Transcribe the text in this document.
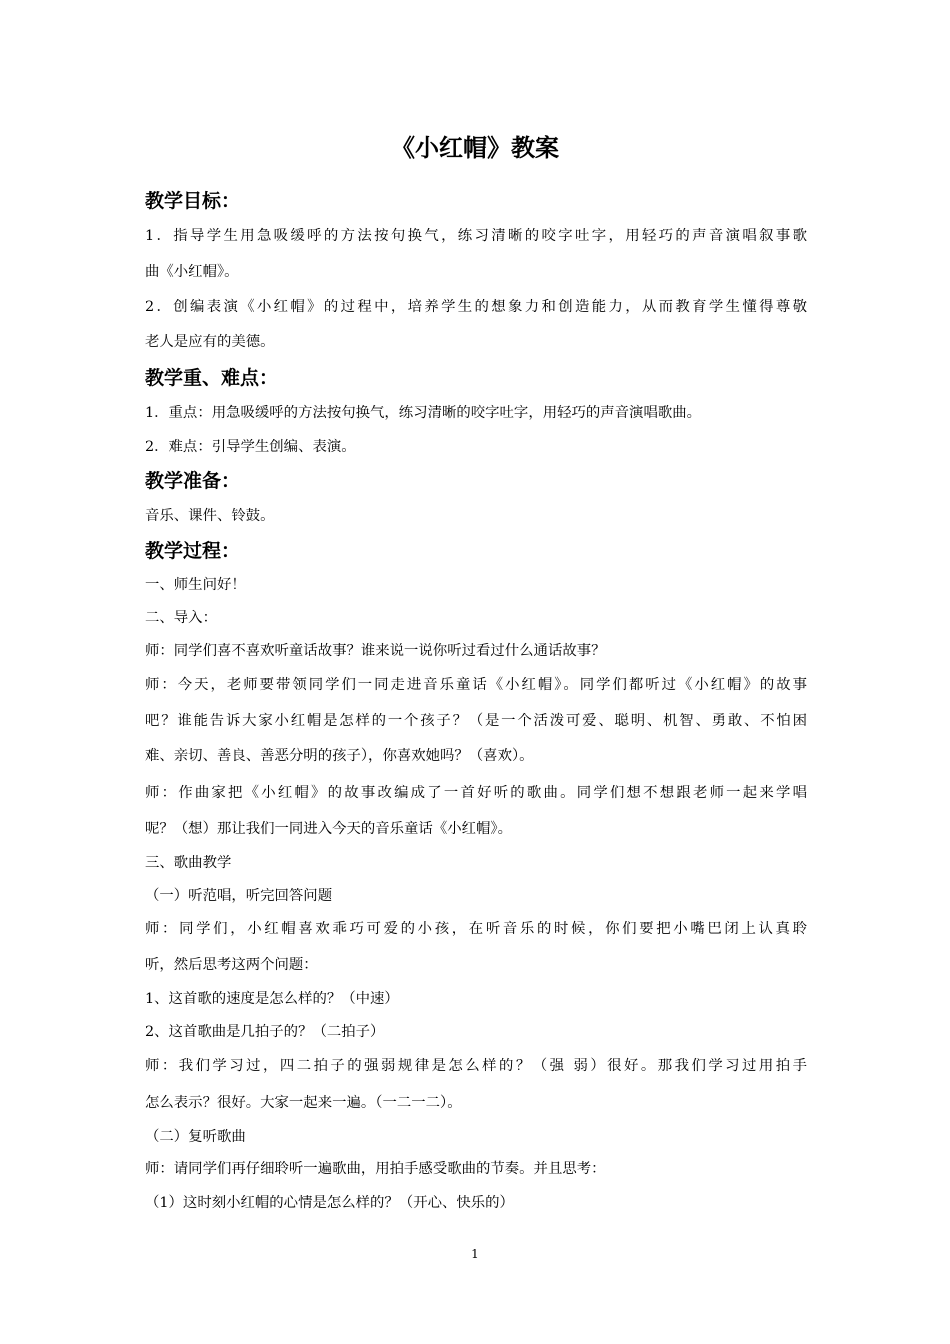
《小红帽》教案
教学目标：
1．指导学生用急吸缓呼的方法按句换气，练习清晰的咬字吐字，用轻巧的声音演唱叙事歌
曲《小红帽》。
2．创编表演《小红帽》的过程中，培养学生的想象力和创造能力，从而教育学生懂得尊敬
老人是应有的美德。
教学重、难点：
1．重点：用急吸缓呼的方法按句换气，练习清晰的咬字吐字，用轻巧的声音演唱歌曲。
2．难点：引导学生创编、表演。
教学准备：
音乐、课件、铃鼓。
教学过程：
一、师生问好！
二、导入：
师：同学们喜不喜欢听童话故事？谁来说一说你听过看过什么通话故事？
师：今天，老师要带领同学们一同走进音乐童话《小红帽》。同学们都听过《小红帽》的故事
吧？谁能告诉大家小红帽是怎样的一个孩子？（是一个活泼可爱、聪明、机智、勇敢、不怕困
难、亲切、善良、善恶分明的孩子），你喜欢她吗？（喜欢）。
师：作曲家把《小红帽》的故事改编成了一首好听的歌曲。同学们想不想跟老师一起来学唱
呢？（想）那让我们一同进入今天的音乐童话《小红帽》。
三、歌曲教学
（一）听范唱，听完回答问题
师：同学们，小红帽喜欢乖巧可爱的小孩，在听音乐的时候，你们要把小嘴巴闭上认真聆
听，然后思考这两个问题：
1、这首歌的速度是怎么样的？（中速）
2、这首歌曲是几拍子的？（二拍子）
师：我们学习过，四二拍子的强弱规律是怎么样的？（强 弱）很好。那我们学习过用拍手
怎么表示？很好。大家一起来一遍。（一二一二）。
（二）复听歌曲
师：请同学们再仔细聆听一遍歌曲，用拍手感受歌曲的节奏。并且思考：
（1）这时刻小红帽的心情是怎么样的？（开心、快乐的）
1
